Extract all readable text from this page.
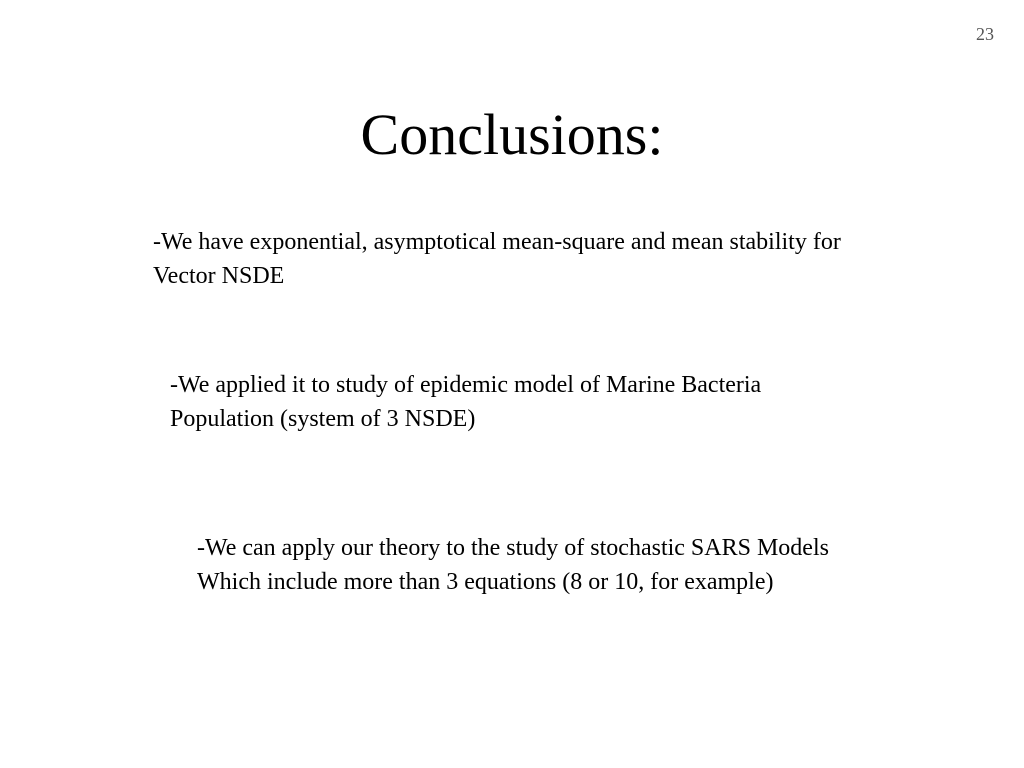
23
Conclusions:
-We have exponential, asymptotical mean-square and mean stability for
Vector NSDE
-We applied it to study of epidemic model of Marine Bacteria
Population (system of 3 NSDE)
-We can apply our theory to the study of stochastic SARS Models
Which include more than 3 equations (8 or 10, for example)
